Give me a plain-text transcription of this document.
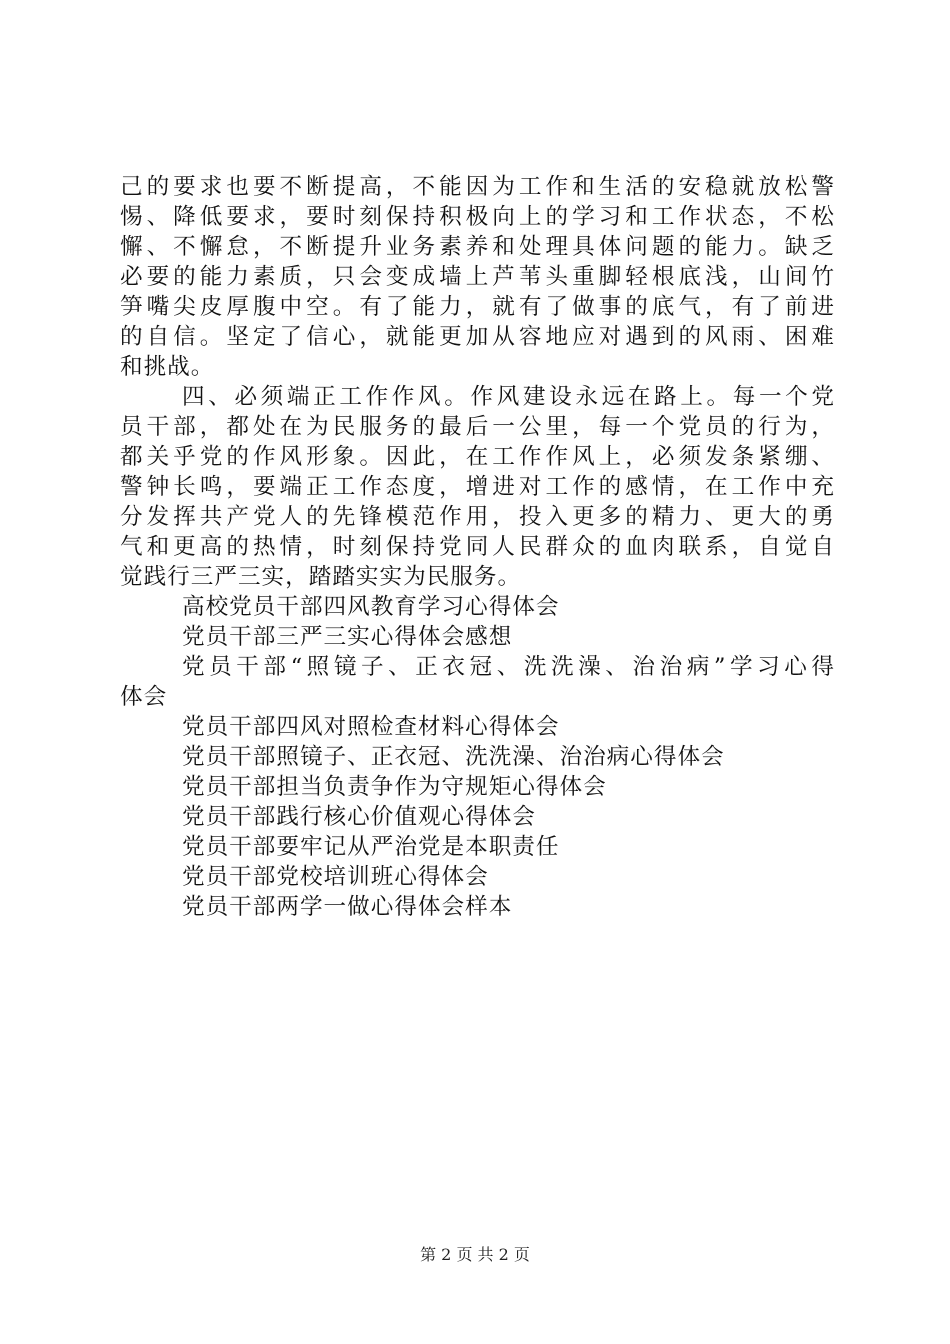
己的要求也要不断提高，不能因为工作和生活的安稳就放松警
惕、降低要求，要时刻保持积极向上的学习和工作状态，不松
懈、不懈怠，不断提升业务素养和处理具体问题的能力。缺乏
必要的能力素质，只会变成墙上芦苇头重脚轻根底浅，山间竹
笋嘴尖皮厚腹中空。有了能力，就有了做事的底气，有了前进
的自信。坚定了信心，就能更加从容地应对遇到的风雨、困难
和挑战。
四、必须端正工作作风。作风建设永远在路上。每一个党
员干部，都处在为民服务的最后一公里，每一个党员的行为，
都关乎党的作风形象。因此，在工作作风上，必须发条紧绷、
警钟长鸣，要端正工作态度，增进对工作的感情，在工作中充
分发挥共产党人的先锋模范作用，投入更多的精力、更大的勇
气和更高的热情，时刻保持党同人民群众的血肉联系，自觉自
觉践行三严三实，踏踏实实为民服务。
高校党员干部四风教育学习心得体会
党员干部三严三实心得体会感想
党员干部“照镜子、正衣冠、洗洗澡、治治病”学习心得
体会
党员干部四风对照检查材料心得体会
党员干部照镜子、正衣冠、洗洗澡、治治病心得体会
党员干部担当负责争作为守规矩心得体会
党员干部践行核心价值观心得体会
党员干部要牢记从严治党是本职责任
党员干部党校培训班心得体会
党员干部两学一做心得体会样本
第 2 页 共 2 页
